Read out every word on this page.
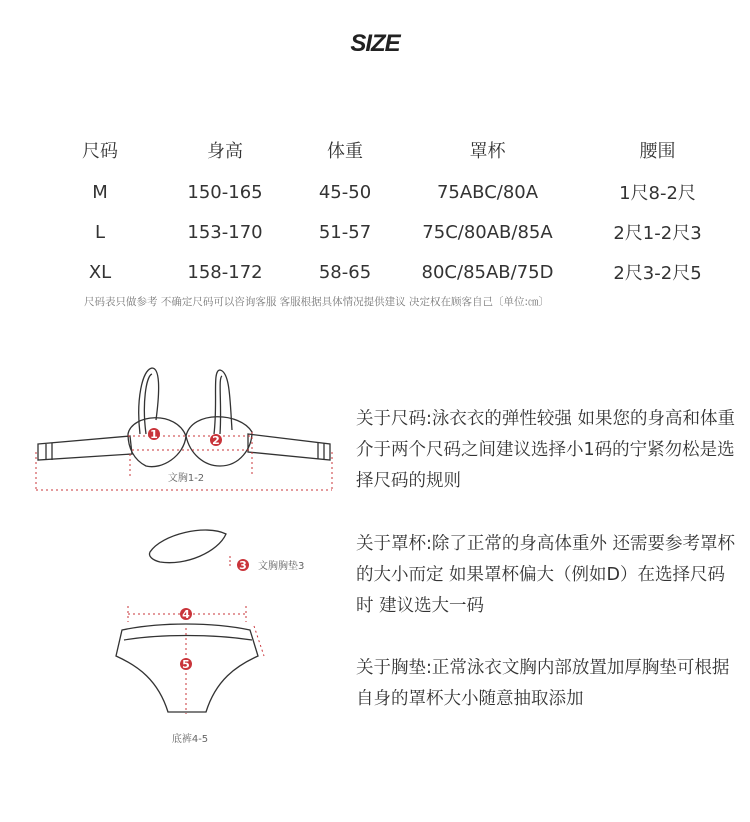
SIZE
尺码	身高	体重	罩杯	腰围
M	150-165	45-50	75ABC/80A	1尺8-2尺
L	153-170	51-57	75C/80AB/85A	2尺1-2尺3
XL	158-172	58-65	80C/85AB/75D	2尺3-2尺5
尺码表只做参考 不确定尺码可以咨询客服 客服根据具体情况提供建议 决定权在顾客自己〔单位:㎝〕
1	2
文胸1-2
3 文胸胸垫3
4
5
底裤4-5

关于尺码:泳衣衣的弹性较强 如果您的身高和体重 介于两个尺码之间建议选择小1码的宁紧勿松是选择尺码的规则

关于罩杯:除了正常的身高体重外 还需要参考罩杯的大小而定 如果罩杯偏大（例如D）在选择尺码时 建议选大一码

关于胸垫:正常泳衣文胸内部放置加厚胸垫可根据自身的罩杯大小随意抽取添加
